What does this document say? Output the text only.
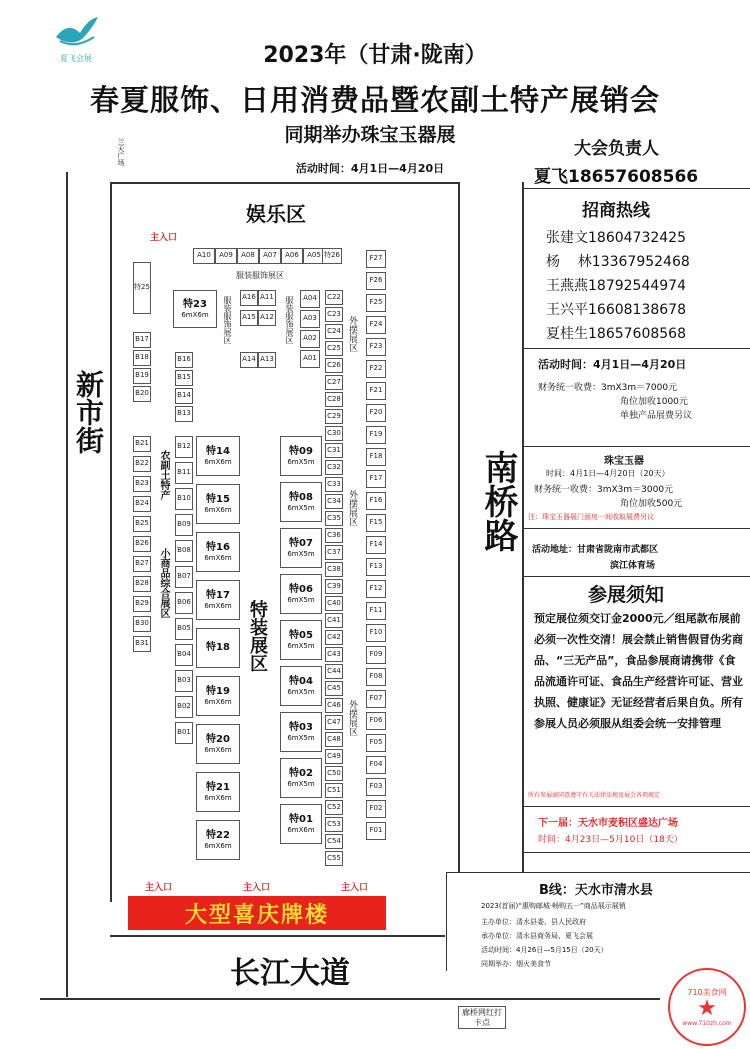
夏飞会展	2023年（甘肃·陇南）
春夏服饰、日用消费品暨农副土特产展销会
同期举办珠宝玉器展
活动时间：4月1日—4月20日
新市街
南桥路
长江大道
兰天广场
廊桥网红打卡点
娱乐区
主入口
主入口	主入口	主入口
A10	A09	A08	A07	A06	A05
特25
特26
A16 A11
A15 A12
A04
A03
A02
A01
A14 A13
特23
6mX6m
B17
B18
B19
B20
B21
B22
B23
B24
B25
B26
B27
B28
B29
B30
B31
B16
B15
B14
B13
B12
B11
B10
B09
B08
B07
B06
B05
B04
B03
B02
B01
C22
C23
C24
C25
C26
C27
C28
C29
C30
C31
C32
C33
C34
C35
C36
C37
C38
C39
C40
C41
C42
C43
C44
C45
C46
C47
C48
C49
C50
C51
C52
C53
C54
C55
F27
F26
F25
F24
F23
F22
F21
F20
F19
F18
F17
F16
F15
F14
F13
F12
F11
F10
F09
F08
F07
F06
F05
F04
F03
F02
F01
特14
6mX6m
特15
6mX6m
特16
6mX6m
特17
6mX6m
特18
特19
6mX6m
特20
6mX6m
特21
6mX6m
特22
6mX6m
特09
6mX5m
特08
6mX5m
特07
6mX5m
特06
6mX5m
特05
6mX5m
特04
6mX5m
特03
6mX5m
特02
6mX5m
特01
6mX6m
服装服饰展区
服装服饰展区	服装服饰展区
农副土特产
小商品综合展区
特装展区
外摆展区
外摆展区
外摆展区
大型喜庆牌楼
大会负责人
夏飞18657608566
招商热线
张建文18604732425
杨    林13367952468
王燕燕18792544974
王兴平16608138678
夏桂生18657608568
活动时间：4月1日—4月20日
财务统一收费：3mX3m＝7000元
角位加收1000元
单独产品展费另议
珠宝玉器
时间：4月1日—4月20日（20天）
财务统一收费：3mX3m＝3000元
角位加收500元
注：珠宝玉器展门面房一间收取展费另议
活动地址：甘肃省陇南市武都区
滨江体育场
参展须知
预定展位须交订金2000元／组尾款布展前必须一次性交清！展会禁止销售假冒伪劣商品、“三无产品”，食品参展商请携带《食品流通许可证、食品生产经营许可证、营业执照、健康证》无证经营者后果自负。所有参展人员必须服从组委会统一安排管理
所有参展商同意遵守有关法律法规及展会各项规定
下一届：天水市麦积区盛达广场
时间：4月23日—5月10日（18天）
B线：天水市清水县
2023(首届)“惠购邮城·畅购五一”商品展示展销
主办单位：清水县委、县人民政府
承办单位：清水县商务局、夏飞会展
活动时间：4月26日—5月15日（20天）
同期举办：烟火美食节
710美食网
★
www.710zh.com
